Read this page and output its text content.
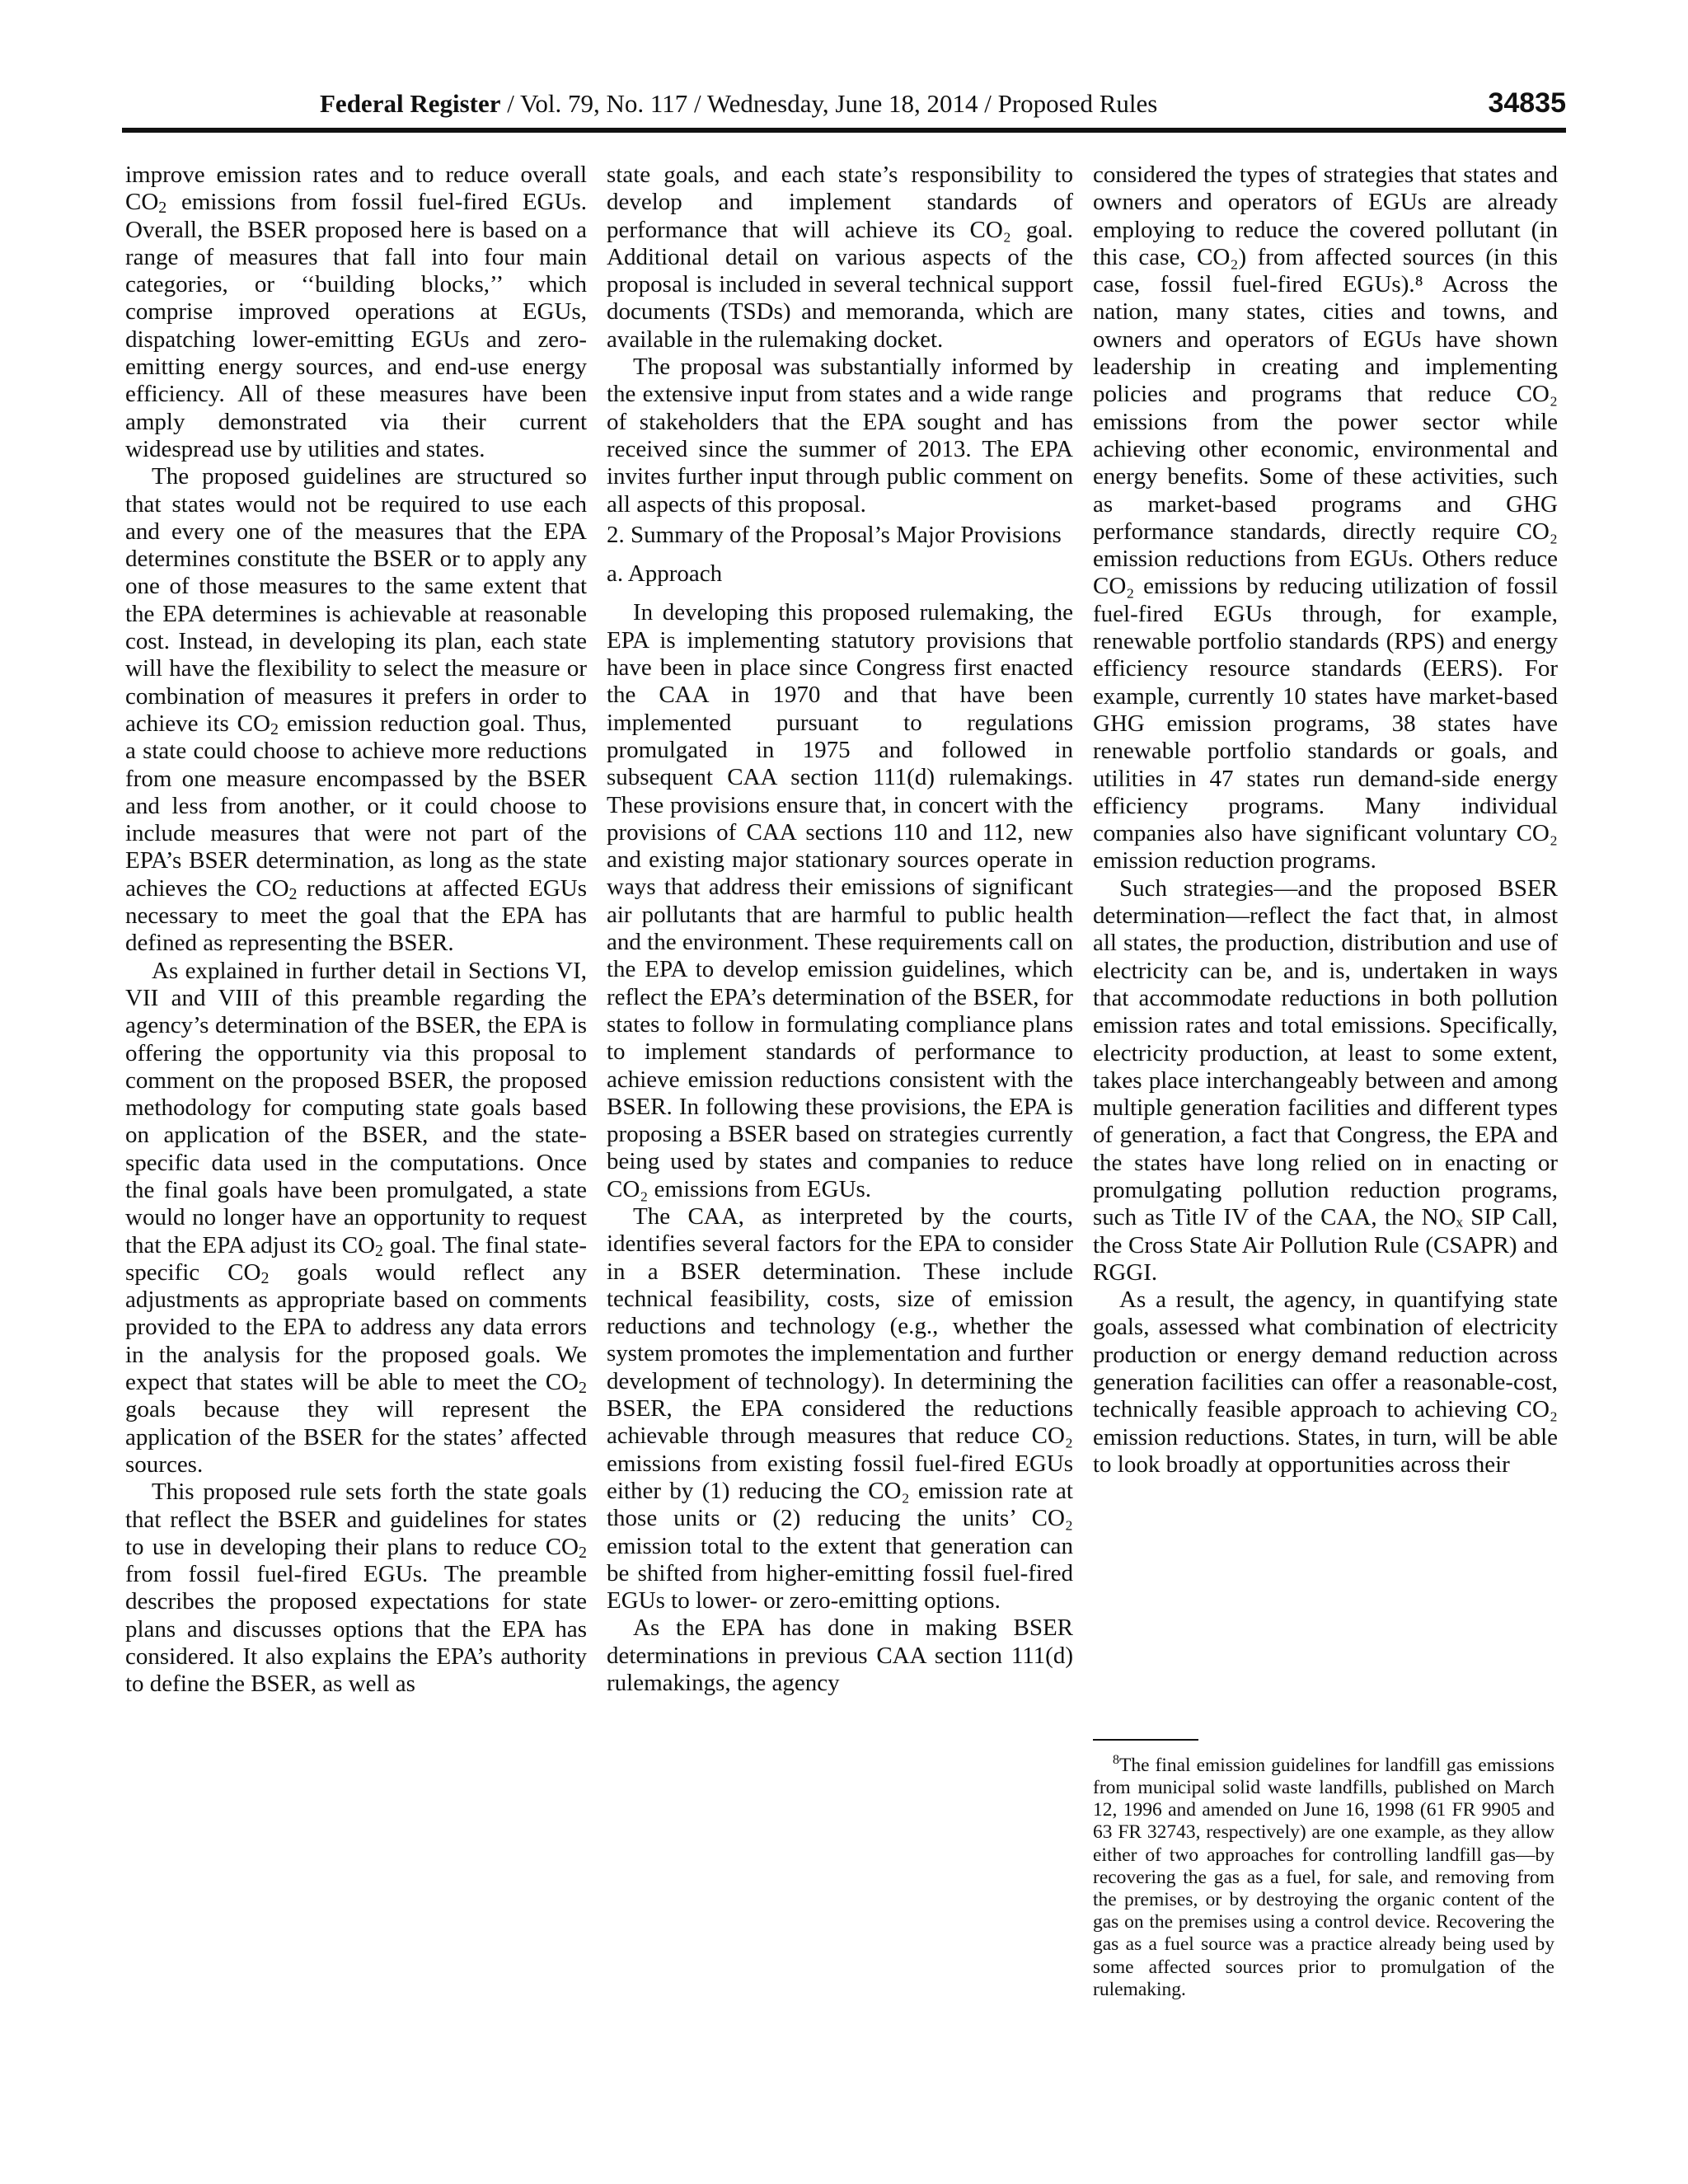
Federal Register / Vol. 79, No. 117 / Wednesday, June 18, 2014 / Proposed Rules	34835

improve emission rates and to reduce overall $CO_2$ emissions from fossil fuel-fired EGUs. Overall, the BSER proposed here is based on a range of measures that fall into four main categories, or ‘‘building blocks,’’ which comprise improved operations at EGUs, dispatching lower-emitting EGUs and zero-emitting energy sources, and end-use energy efficiency. All of these measures have been amply demonstrated via their current widespread use by utilities and states.

The proposed guidelines are structured so that states would not be required to use each and every one of the measures that the EPA determines constitute the BSER or to apply any one of those measures to the same extent that the EPA determines is achievable at reasonable cost. Instead, in developing its plan, each state will have the flexibility to select the measure or combination of measures it prefers in order to achieve its $CO_2$ emission reduction goal. Thus, a state could choose to achieve more reductions from one measure encompassed by the BSER and less from another, or it could choose to include measures that were not part of the EPA’s BSER determination, as long as the state achieves the $CO_2$ reductions at affected EGUs necessary to meet the goal that the EPA has defined as representing the BSER.

As explained in further detail in Sections VI, VII and VIII of this preamble regarding the agency’s determination of the BSER, the EPA is offering the opportunity via this proposal to comment on the proposed BSER, the proposed methodology for computing state goals based on application of the BSER, and the state-specific data used in the computations. Once the final goals have been promulgated, a state would no longer have an opportunity to request that the EPA adjust its $CO_2$ goal. The final state-specific $CO_2$ goals would reflect any adjustments as appropriate based on comments provided to the EPA to address any data errors in the analysis for the proposed goals. We expect that states will be able to meet the $CO_2$ goals because they will represent the application of the BSER for the states’ affected sources.

This proposed rule sets forth the state goals that reflect the BSER and guidelines for states to use in developing their plans to reduce $CO_2$ from fossil fuel-fired EGUs. The preamble describes the proposed expectations for state plans and discusses options that the EPA has considered. It also explains the EPA’s authority to define the BSER, as well as

state goals, and each state’s responsibility to develop and implement standards of performance that will achieve its CO₂ goal. Additional detail on various aspects of the proposal is included in several technical support documents (TSDs) and memoranda, which are available in the rulemaking docket.

The proposal was substantially informed by the extensive input from states and a wide range of stakeholders that the EPA sought and has received since the summer of 2013. The EPA invites further input through public comment on all aspects of this proposal.

2. Summary of the Proposal’s Major Provisions

a. Approach

In developing this proposed rulemaking, the EPA is implementing statutory provisions that have been in place since Congress first enacted the CAA in 1970 and that have been implemented pursuant to regulations promulgated in 1975 and followed in subsequent CAA section 111(d) rulemakings. These provisions ensure that, in concert with the provisions of CAA sections 110 and 112, new and existing major stationary sources operate in ways that address their emissions of significant air pollutants that are harmful to public health and the environment. These requirements call on the EPA to develop emission guidelines, which reflect the EPA’s determination of the BSER, for states to follow in formulating compliance plans to implement standards of performance to achieve emission reductions consistent with the BSER. In following these provisions, the EPA is proposing a BSER based on strategies currently being used by states and companies to reduce CO₂ emissions from EGUs.

The CAA, as interpreted by the courts, identifies several factors for the EPA to consider in a BSER determination. These include technical feasibility, costs, size of emission reductions and technology (e.g., whether the system promotes the implementation and further development of technology). In determining the BSER, the EPA considered the reductions achievable through measures that reduce CO₂ emissions from existing fossil fuel-fired EGUs either by (1) reducing the CO₂ emission rate at those units or (2) reducing the units’ CO₂ emission total to the extent that generation can be shifted from higher-emitting fossil fuel-fired EGUs to lower- or zero-emitting options.

As the EPA has done in making BSER determinations in previous CAA section 111(d) rulemakings, the agency

considered the types of strategies that states and owners and operators of EGUs are already employing to reduce the covered pollutant (in this case, CO₂) from affected sources (in this case, fossil fuel-fired EGUs).⁸ Across the nation, many states, cities and towns, and owners and operators of EGUs have shown leadership in creating and implementing policies and programs that reduce CO₂ emissions from the power sector while achieving other economic, environmental and energy benefits. Some of these activities, such as market-based programs and GHG performance standards, directly require CO₂ emission reductions from EGUs. Others reduce CO₂ emissions by reducing utilization of fossil fuel-fired EGUs through, for example, renewable portfolio standards (RPS) and energy efficiency resource standards (EERS). For example, currently 10 states have market-based GHG emission programs, 38 states have renewable portfolio standards or goals, and utilities in 47 states run demand-side energy efficiency programs. Many individual companies also have significant voluntary CO₂ emission reduction programs.

Such strategies—and the proposed BSER determination—reflect the fact that, in almost all states, the production, distribution and use of electricity can be, and is, undertaken in ways that accommodate reductions in both pollution emission rates and total emissions. Specifically, electricity production, at least to some extent, takes place interchangeably between and among multiple generation facilities and different types of generation, a fact that Congress, the EPA and the states have long relied on in enacting or promulgating pollution reduction programs, such as Title IV of the CAA, the NOₓ SIP Call, the Cross State Air Pollution Rule (CSAPR) and RGGI.

As a result, the agency, in quantifying state goals, assessed what combination of electricity production or energy demand reduction across generation facilities can offer a reasonable-cost, technically feasible approach to achieving CO₂ emission reductions. States, in turn, will be able to look broadly at opportunities across their

$^8$The final emission guidelines for landfill gas emissions from municipal solid waste landfills, published on March 12, 1996 and amended on June 16, 1998 (61 FR 9905 and 63 FR 32743, respectively) are one example, as they allow either of two approaches for controlling landfill gas—by recovering the gas as a fuel, for sale, and removing from the premises, or by destroying the organic content of the gas on the premises using a control device. Recovering the gas as a fuel source was a practice already being used by some affected sources prior to promulgation of the rulemaking.
